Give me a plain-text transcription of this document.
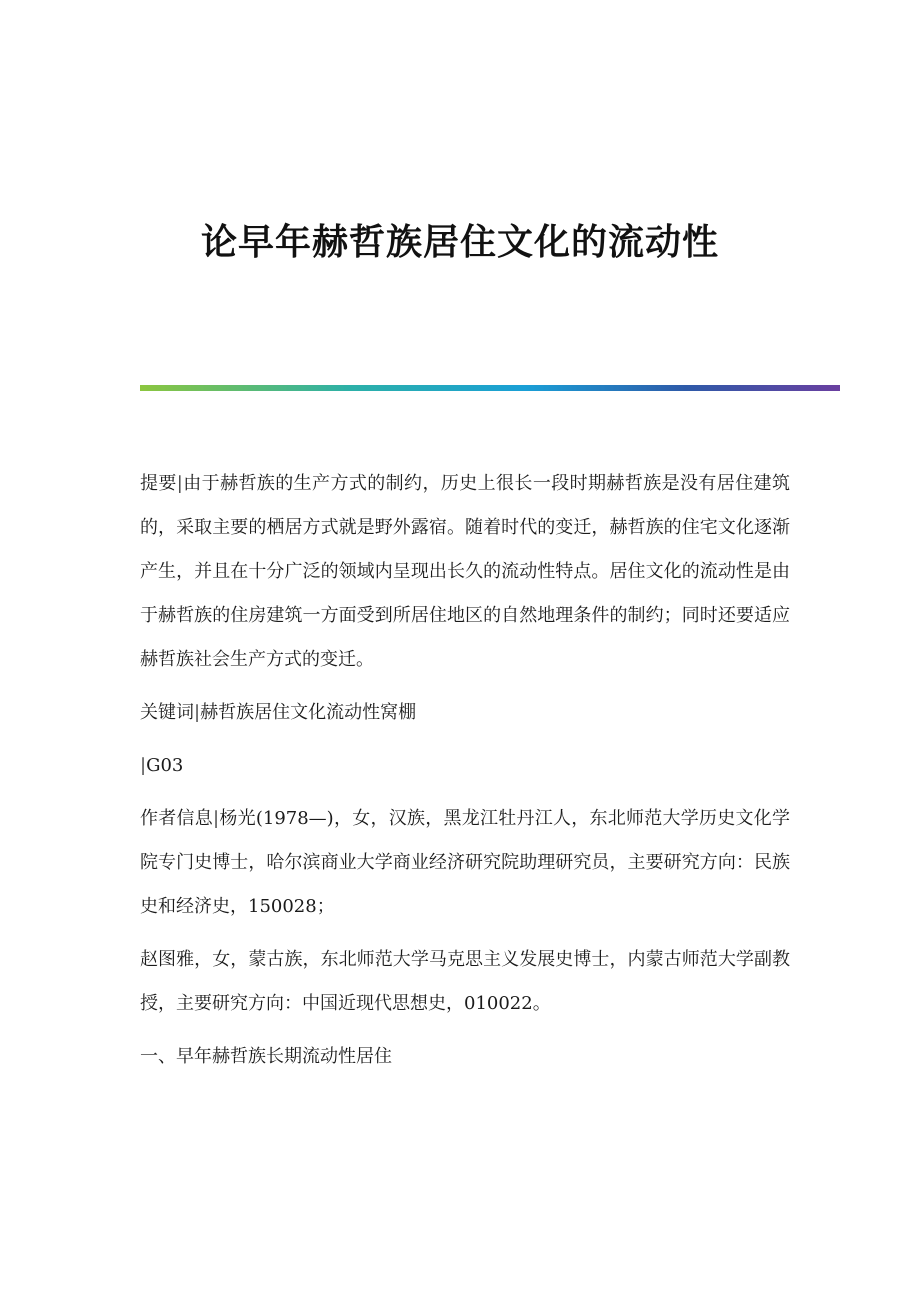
论早年赫哲族居住文化的流动性

提要|由于赫哲族的生产方式的制约，历史上很长一段时期赫哲族是没有居住建筑的，采取主要的栖居方式就是野外露宿。随着时代的变迁，赫哲族的住宅文化逐渐产生，并且在十分广泛的领域内呈现出长久的流动性特点。居住文化的流动性是由于赫哲族的住房建筑一方面受到所居住地区的自然地理条件的制约；同时还要适应赫哲族社会生产方式的变迁。

关键词|赫哲族居住文化流动性窝棚

|G03

作者信息|杨光(1978—)，女，汉族，黑龙江牡丹江人，东北师范大学历史文化学院专门史博士，哈尔滨商业大学商业经济研究院助理研究员，主要研究方向：民族史和经济史，150028；

赵图雅，女，蒙古族，东北师范大学马克思主义发展史博士，内蒙古师范大学副教授，主要研究方向：中国近现代思想史，010022。

一、早年赫哲族长期流动性居住
